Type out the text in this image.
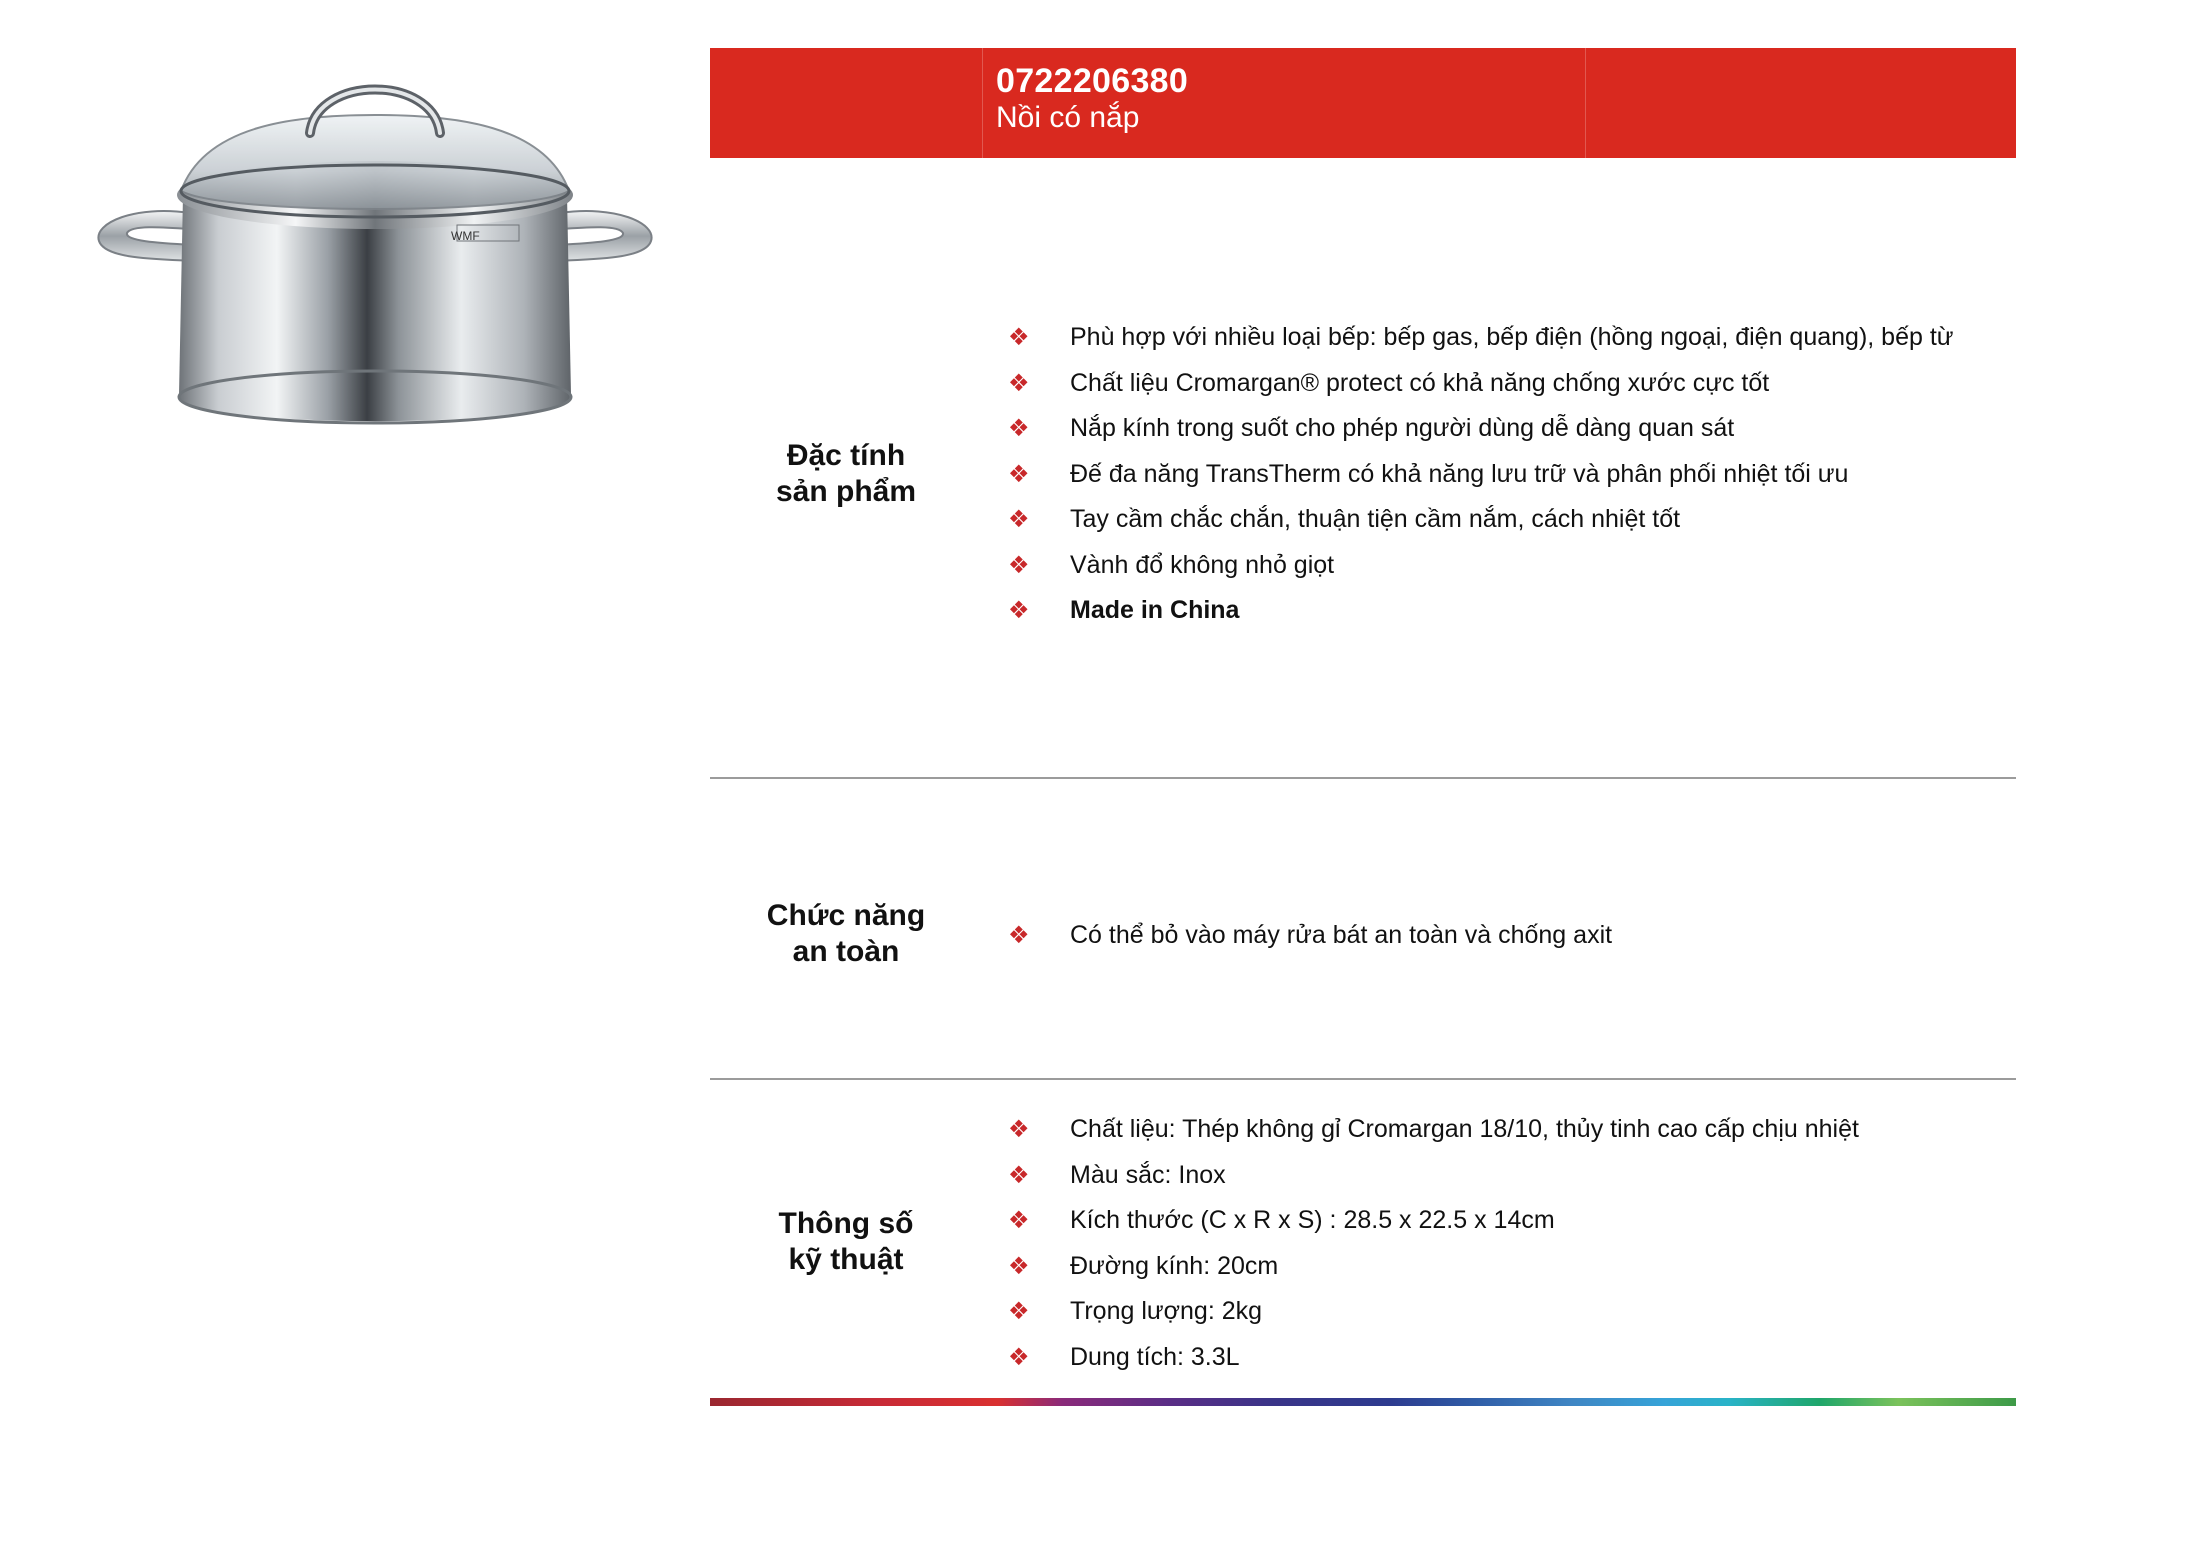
WMF
0722206380
Nồi có nắp
Đặc tính
sản phẩm
❖ Phù hợp với nhiều loại bếp: bếp gas, bếp điện (hồng ngoại, điện quang), bếp từ
❖ Chất liệu Cromargan® protect có khả năng chống xước cực tốt
❖ Nắp kính trong suốt cho phép người dùng dễ dàng quan sát
❖ Đế đa năng TransTherm có khả năng lưu trữ và phân phối nhiệt tối ưu
❖ Tay cầm chắc chắn, thuận tiện cầm nắm, cách nhiệt tốt
❖ Vành đổ không nhỏ giọt
❖ Made in China
Chức năng
an toàn	❖ Có thể bỏ vào máy rửa bát an toàn và chống axit
Thông số
kỹ thuật
❖ Chất liệu: Thép không gỉ Cromargan 18/10, thủy tinh cao cấp chịu nhiệt
❖ Màu sắc: Inox
❖ Kích thước (C x R x S) : 28.5 x 22.5 x 14cm
❖ Đường kính: 20cm
❖ Trọng lượng: 2kg
❖ Dung tích: 3.3L
